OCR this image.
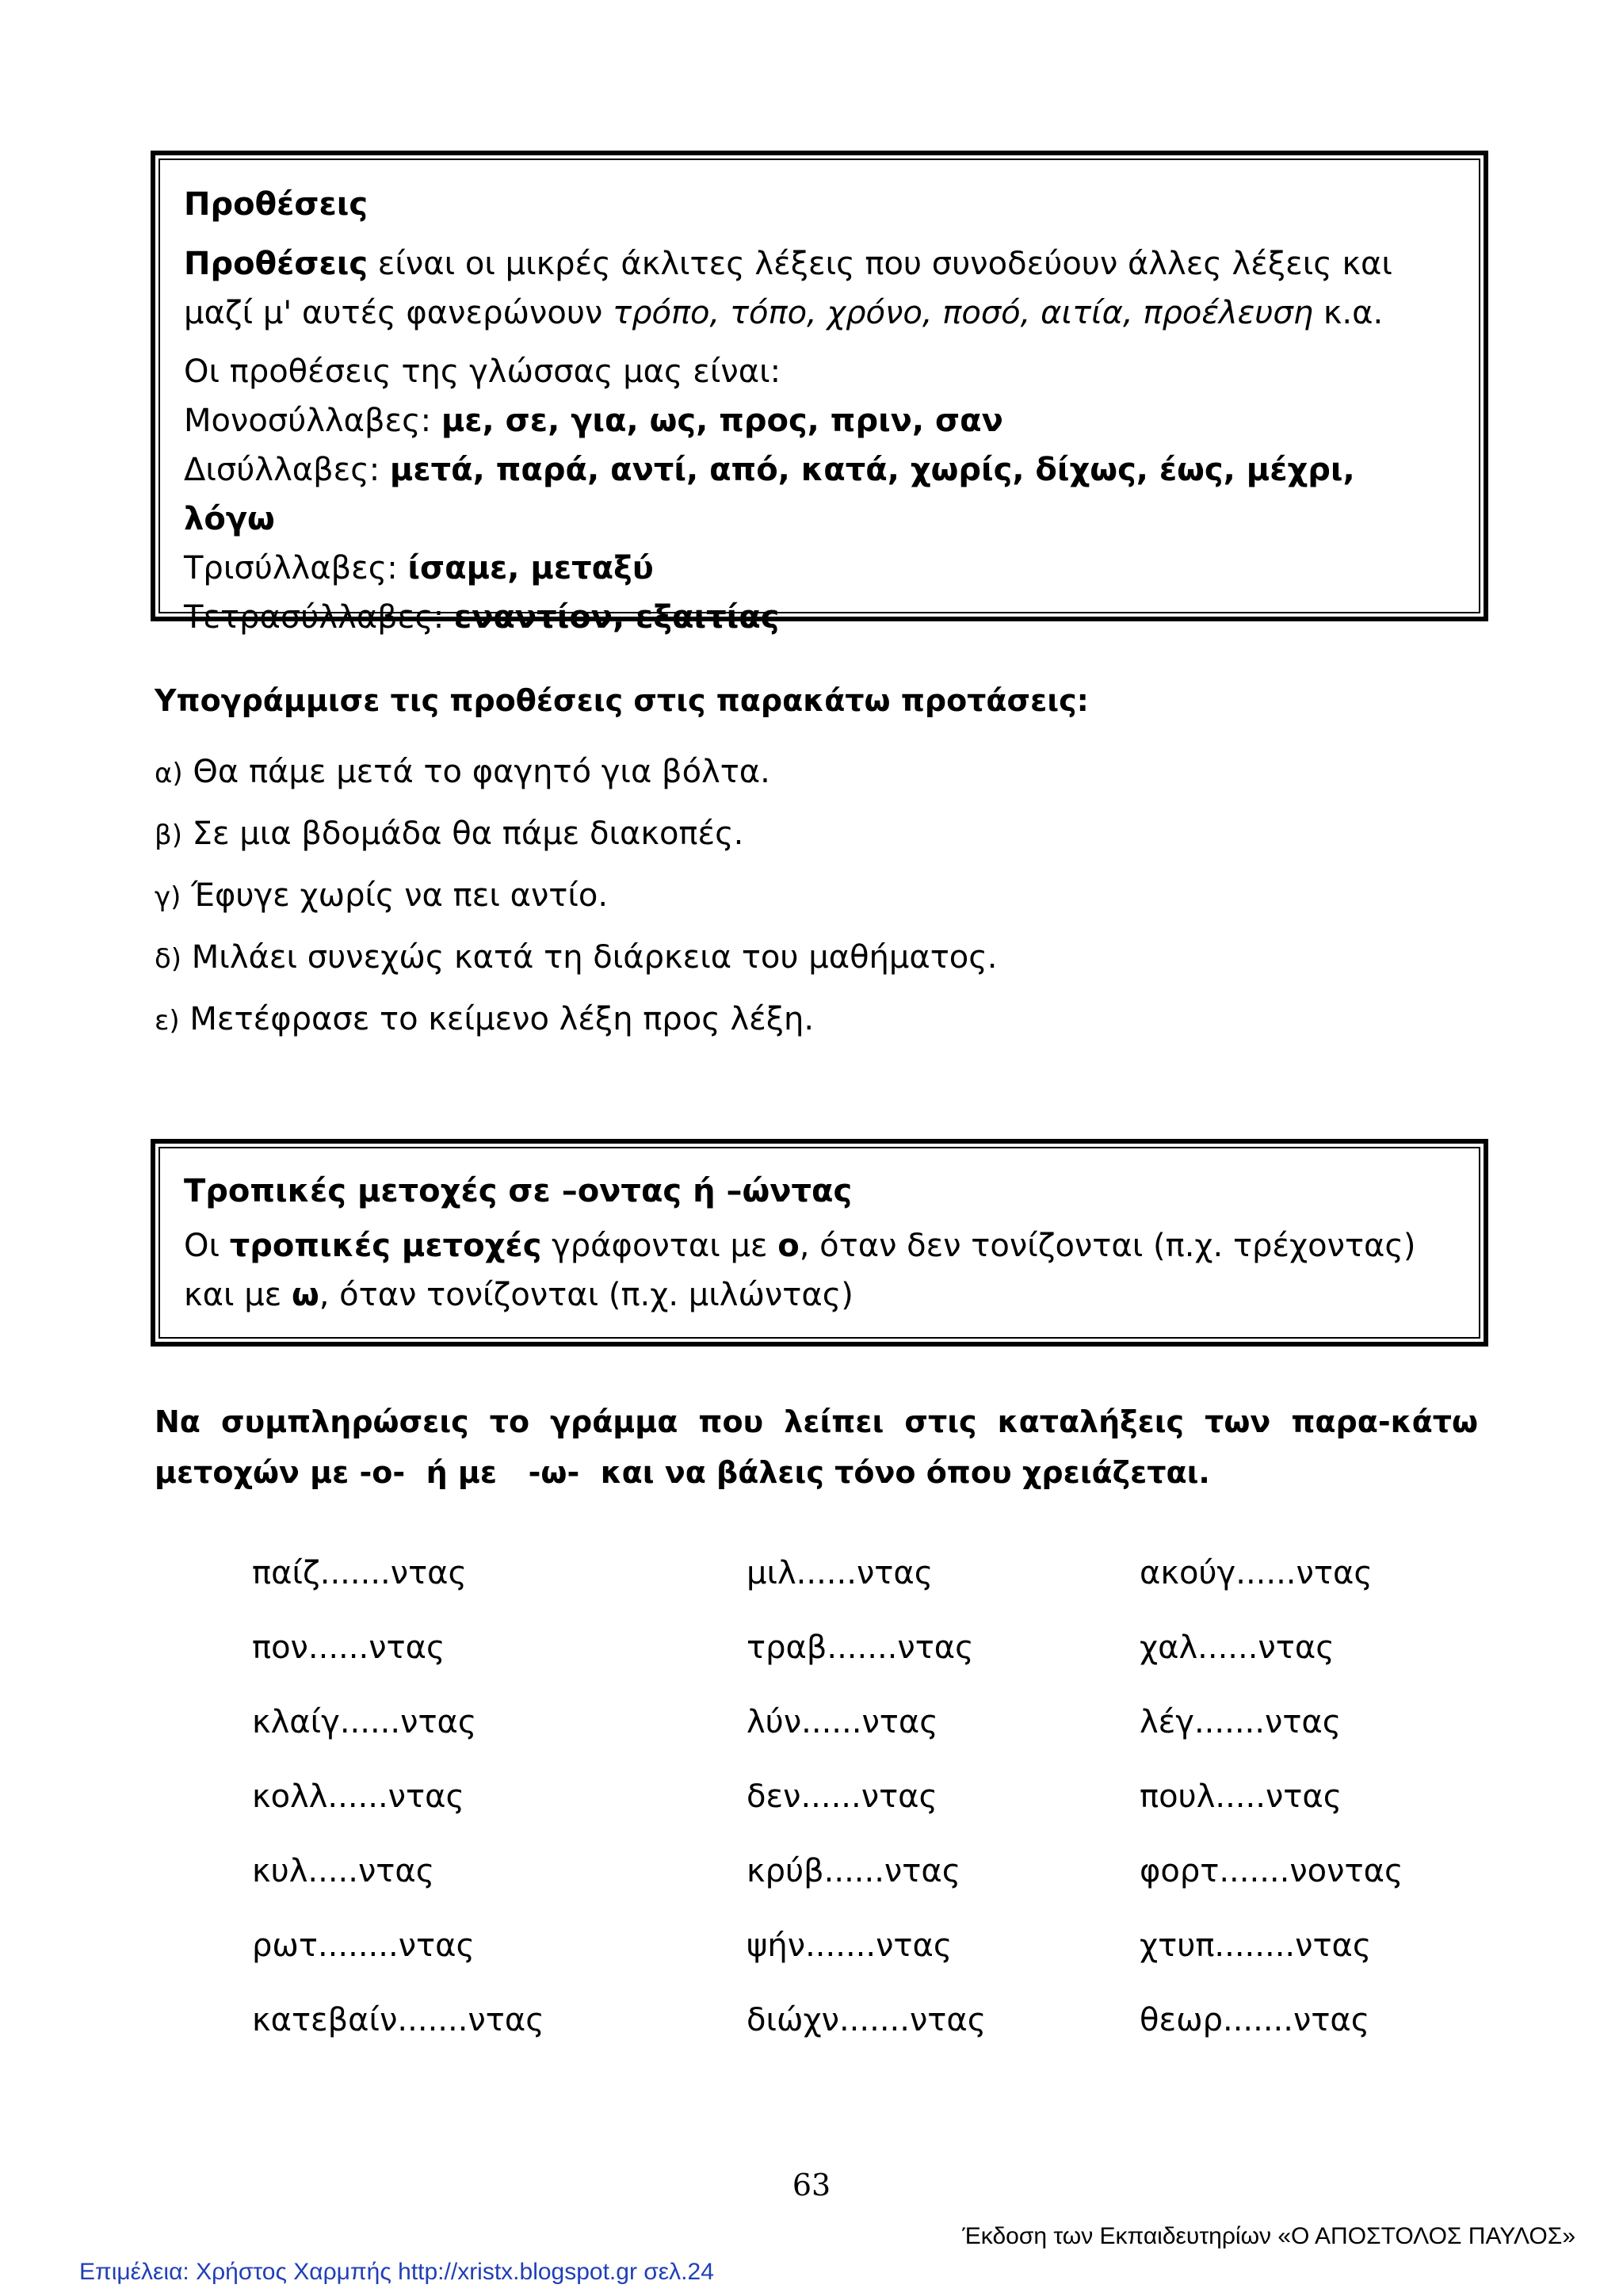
Προθέσεις

Προθέσεις είναι οι μικρές άκλιτες λέξεις που συνοδεύουν άλλες λέξεις και μαζί μ' αυτές φανερώνουν τρόπο, τόπο, χρόνο, ποσό, αιτία, προέλευση κ.α.

Οι προθέσεις της γλώσσας μας είναι:

Μονοσύλλαβες: με, σε, για, ως, προς, πριν, σαν

Δισύλλαβες: μετά, παρά, αντί, από, κατά, χωρίς, δίχως, έως, μέχρι, λόγω

Τρισύλλαβες: ίσαμε, μεταξύ

Τετρασύλλαβες: εναντίον, εξαιτίας

Υπογράμμισε τις προθέσεις στις παρακάτω προτάσεις:
α) Θα πάμε μετά το φαγητό για βόλτα.
β) Σε μια βδομάδα θα πάμε διακοπές.
γ) Έφυγε χωρίς να πει αντίο.
δ) Μιλάει συνεχώς κατά τη διάρκεια του μαθήματος.
ε) Μετέφρασε το κείμενο λέξη προς λέξη.
Τροπικές μετοχές σε –οντας ή –ώντας

Οι τροπικές μετοχές γράφονται με ο, όταν δεν τονίζονται (π.χ. τρέχοντας) και με ω, όταν τονίζονται (π.χ. μιλώντας)

Να συμπληρώσεις το γράμμα που λείπει στις καταλήξεις των παρα-κάτω
μετοχών με -ο-  ή με   -ω-  και να βάλεις τόνο όπου χρειάζεται.
παίζ.......ντας	μιλ......ντας	ακούγ......ντας
πον......ντας	τραβ.......ντας	χαλ......ντας
κλαίγ......ντας	λύν......ντας	λέγ.......ντας
κολλ......ντας	δεν......ντας	πουλ.....ντας
κυλ.....ντας	κρύβ......ντας	φορτ.......νοντας
ρωτ........ντας	ψήν.......ντας	χτυπ........ντας
κατεβαίν.......ντας	διώχν.......ντας	θεωρ.......ντας
63
Έκδοση των Εκπαιδευτηρίων «Ο ΑΠΟΣΤΟΛΟΣ ΠΑΥΛΟΣ»
Επιμέλεια: Χρήστος Χαρμπής http://xristx.blogspot.gr σελ.24
